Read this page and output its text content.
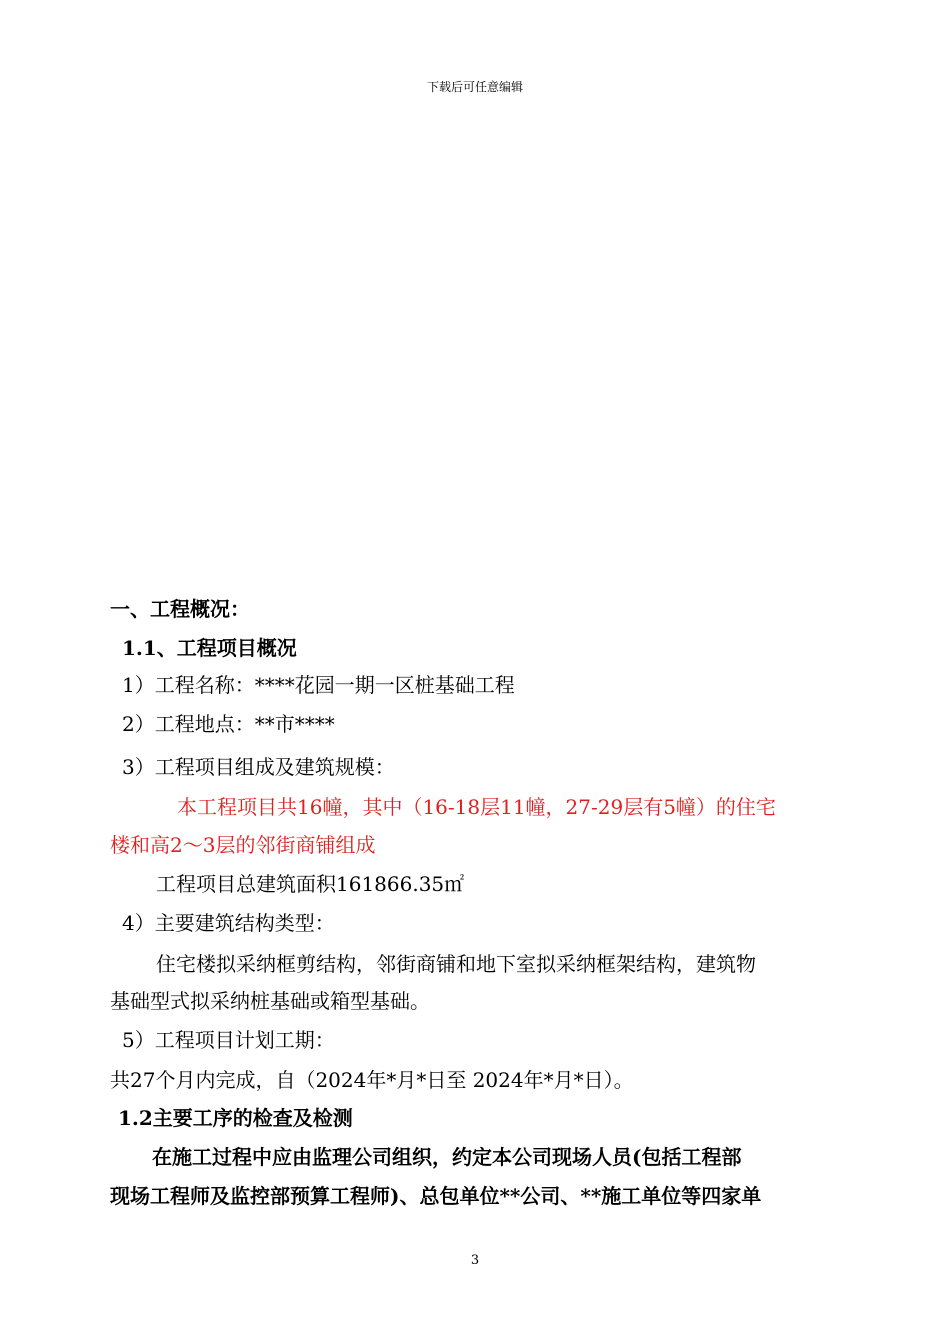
下载后可任意编辑
一、工程概况：
1.1、工程项目概况
1）工程名称：****花园一期一区桩基础工程
2）工程地点：**市****
3）工程项目组成及建筑规模：
本工程项目共16幢，其中（16-18层11幢，27-29层有5幢）的住宅
楼和高2～3层的邻街商铺组成
工程项目总建筑面积161866.35㎡
4）主要建筑结构类型：
住宅楼拟采纳框剪结构，邻街商铺和地下室拟采纳框架结构，建筑物
基础型式拟采纳桩基础或箱型基础。
5）工程项目计划工期：
共27个月内完成，自（2024年*月*日至 2024年*月*日）。
1.2主要工序的检查及检测
在施工过程中应由监理公司组织，约定本公司现场人员(包括工程部
现场工程师及监控部预算工程师)、总包单位**公司、**施工单位等四家单
3
